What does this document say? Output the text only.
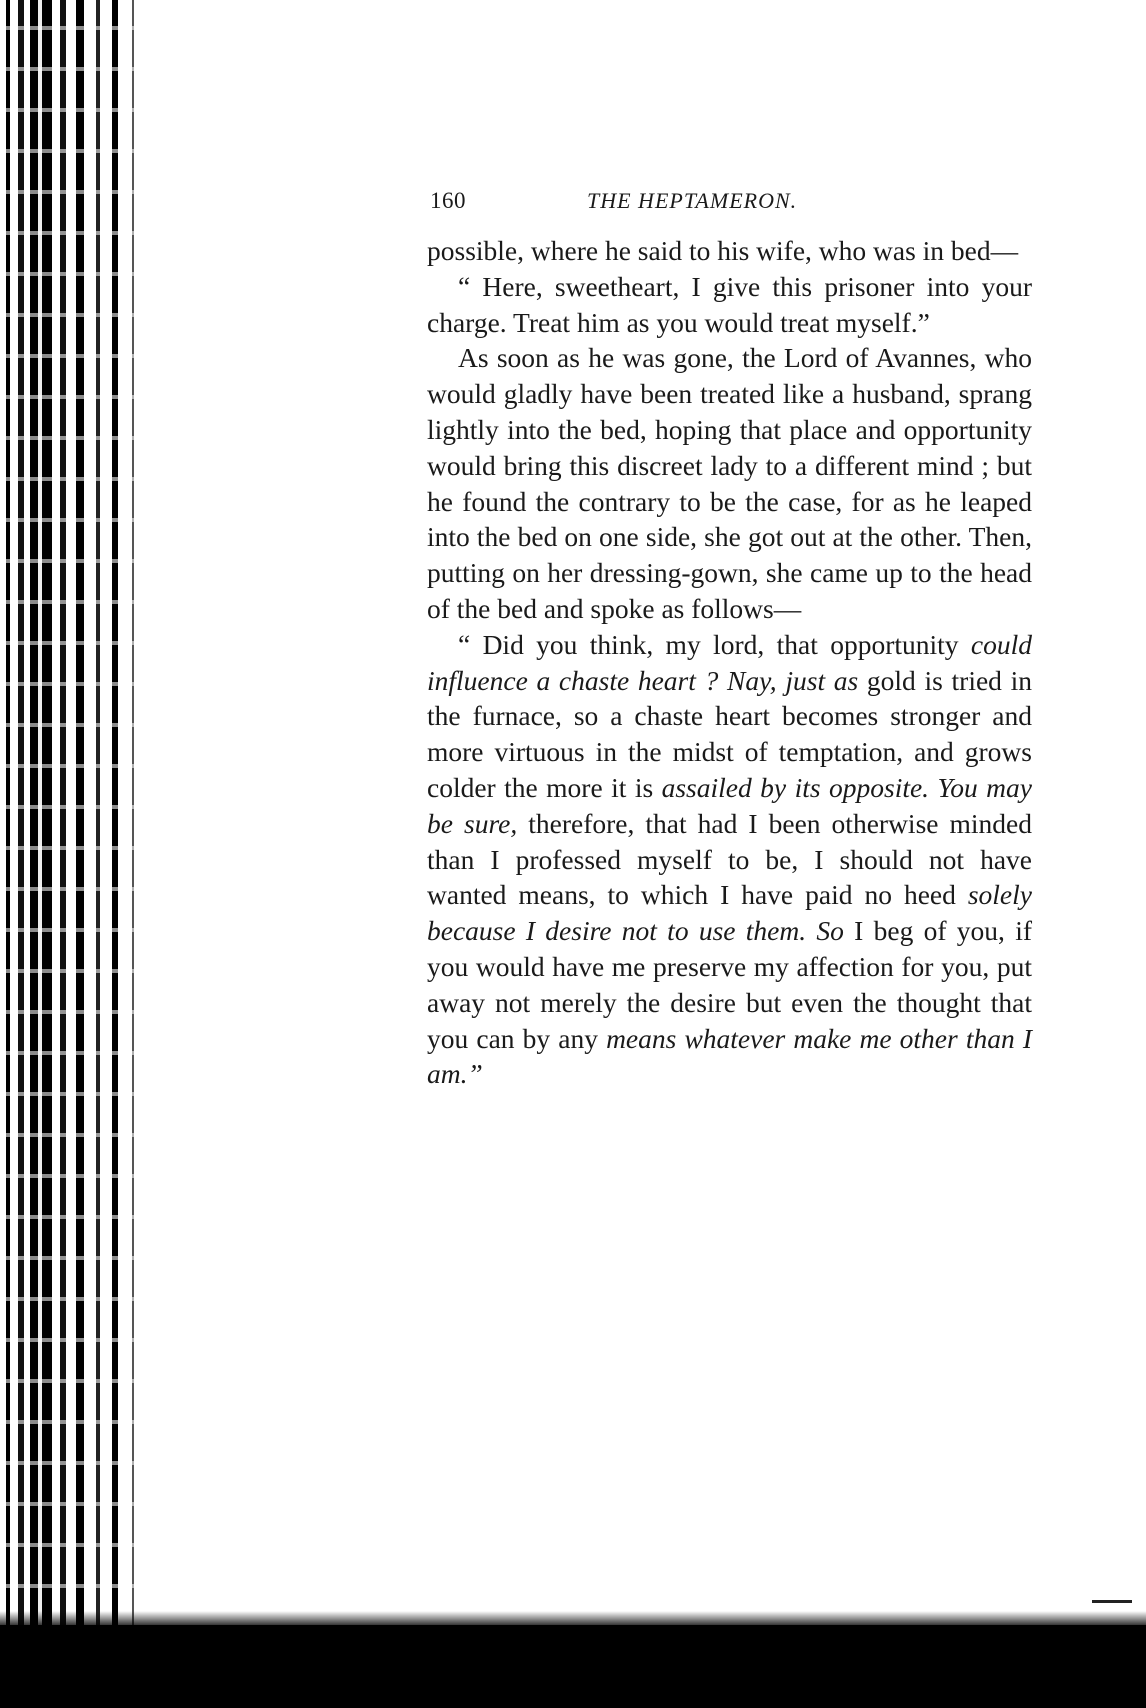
160	THE HEPTAMERON.

possible, where he said to his wife, who was in bed—

“ Here, sweetheart, I give this prisoner into your charge. Treat him as you would treat myself.”

As soon as he was gone, the Lord of Avannes, who would gladly have been treated like a husband, sprang lightly into the bed, hoping that place and opportunity would bring this discreet lady to a different mind ; but he found the contrary to be the case, for as he leaped into the bed on one side, she got out at the other. Then, putting on her dressing-gown, she came up to the head of the bed and spoke as follows—

“ Did you think, my lord, that opportunity could influence a chaste heart ? Nay, just as gold is tried in the furnace, so a chaste heart becomes stronger and more virtuous in the midst of temptation, and grows colder the more it is assailed by its opposite. You may be sure, therefore, that had I been otherwise minded than I professed myself to be, I should not have wanted means, to which I have paid no heed solely because I desire not to use them. So I beg of you, if you would have me preserve my affection for you, put away not merely the desire but even the thought that you can by any means whatever make me other than I am.”
